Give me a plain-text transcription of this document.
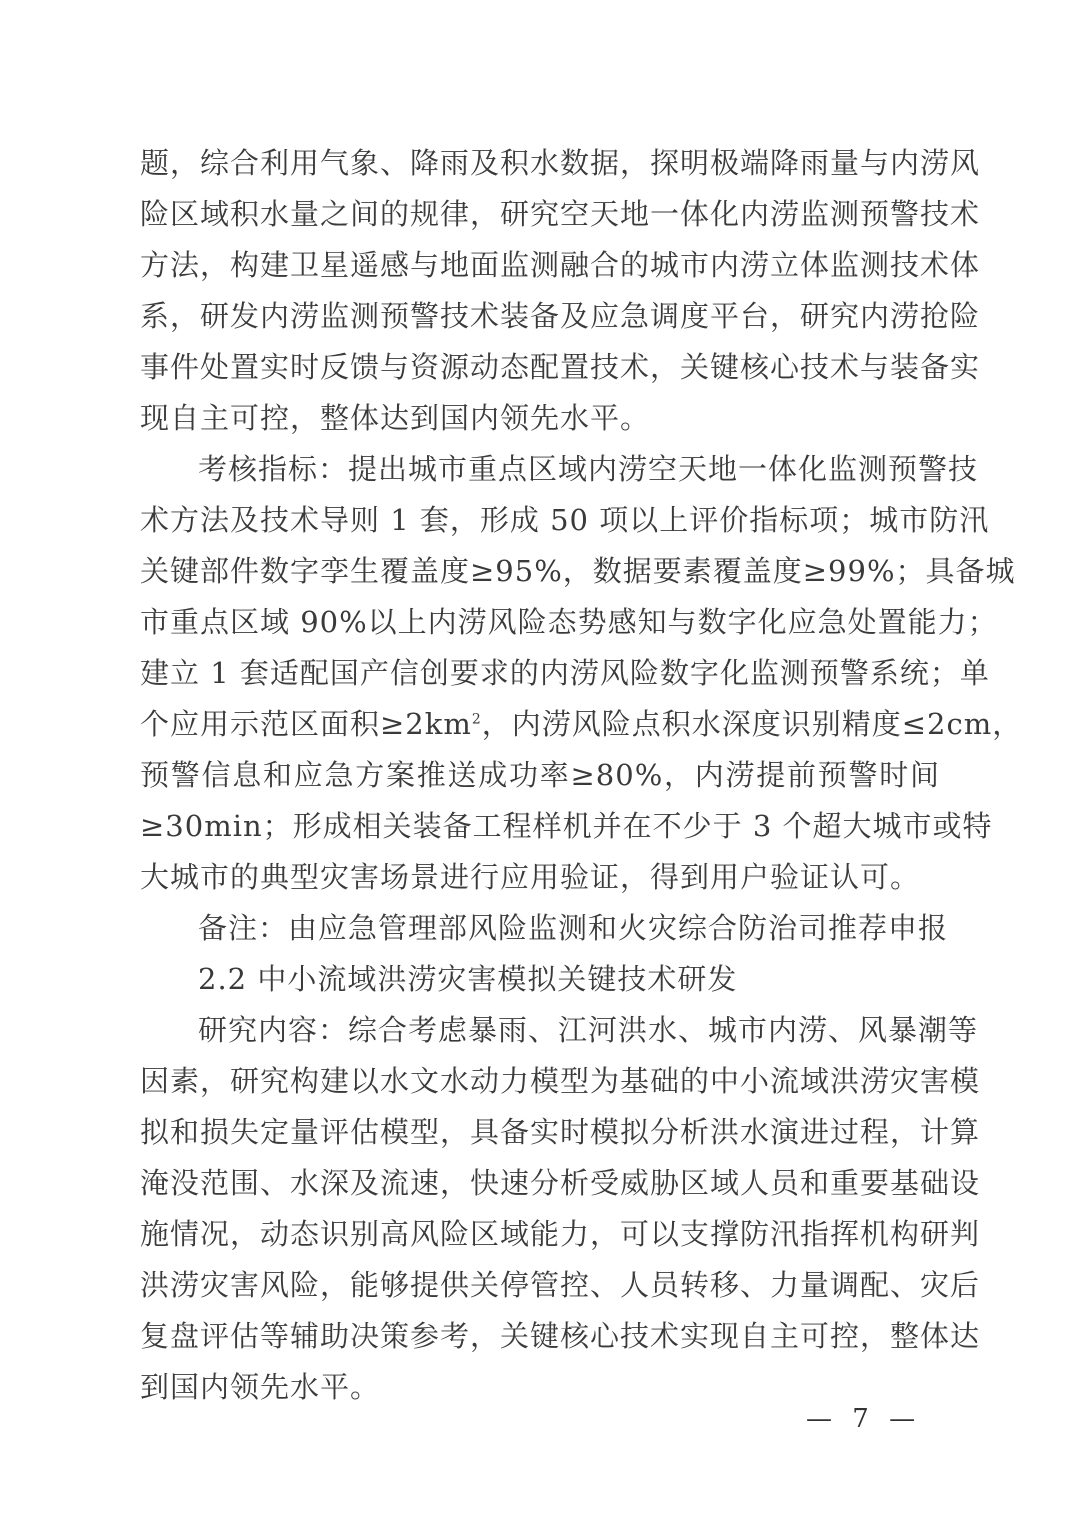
题，综合利用气象、降雨及积水数据，探明极端降雨量与内涝风
险区域积水量之间的规律，研究空天地一体化内涝监测预警技术
方法，构建卫星遥感与地面监测融合的城市内涝立体监测技术体
系，研发内涝监测预警技术装备及应急调度平台，研究内涝抢险
事件处置实时反馈与资源动态配置技术，关键核心技术与装备实
现自主可控，整体达到国内领先水平。
考核指标：提出城市重点区域内涝空天地一体化监测预警技
术方法及技术导则 1 套，形成 50 项以上评价指标项；城市防汛
关键部件数字孪生覆盖度≥95%，数据要素覆盖度≥99%；具备城
市重点区域 90%以上内涝风险态势感知与数字化应急处置能力；
建立 1 套适配国产信创要求的内涝风险数字化监测预警系统；单
个应用示范区面积$\ge 2km^2$，内涝风险点积水深度识别精度≤2cm，
预警信息和应急方案推送成功率≥80%，内涝提前预警时间
≥30min；形成相关装备工程样机并在不少于 3 个超大城市或特
大城市的典型灾害场景进行应用验证，得到用户验证认可。
备注：由应急管理部风险监测和火灾综合防治司推荐申报
2.2 中小流域洪涝灾害模拟关键技术研发
研究内容：综合考虑暴雨、江河洪水、城市内涝、风暴潮等
因素，研究构建以水文水动力模型为基础的中小流域洪涝灾害模
拟和损失定量评估模型，具备实时模拟分析洪水演进过程，计算
淹没范围、水深及流速，快速分析受威胁区域人员和重要基础设
施情况，动态识别高风险区域能力，可以支撑防汛指挥机构研判
洪涝灾害风险，能够提供关停管控、人员转移、力量调配、灾后
复盘评估等辅助决策参考，关键核心技术实现自主可控，整体达
到国内领先水平。
— 7 —
